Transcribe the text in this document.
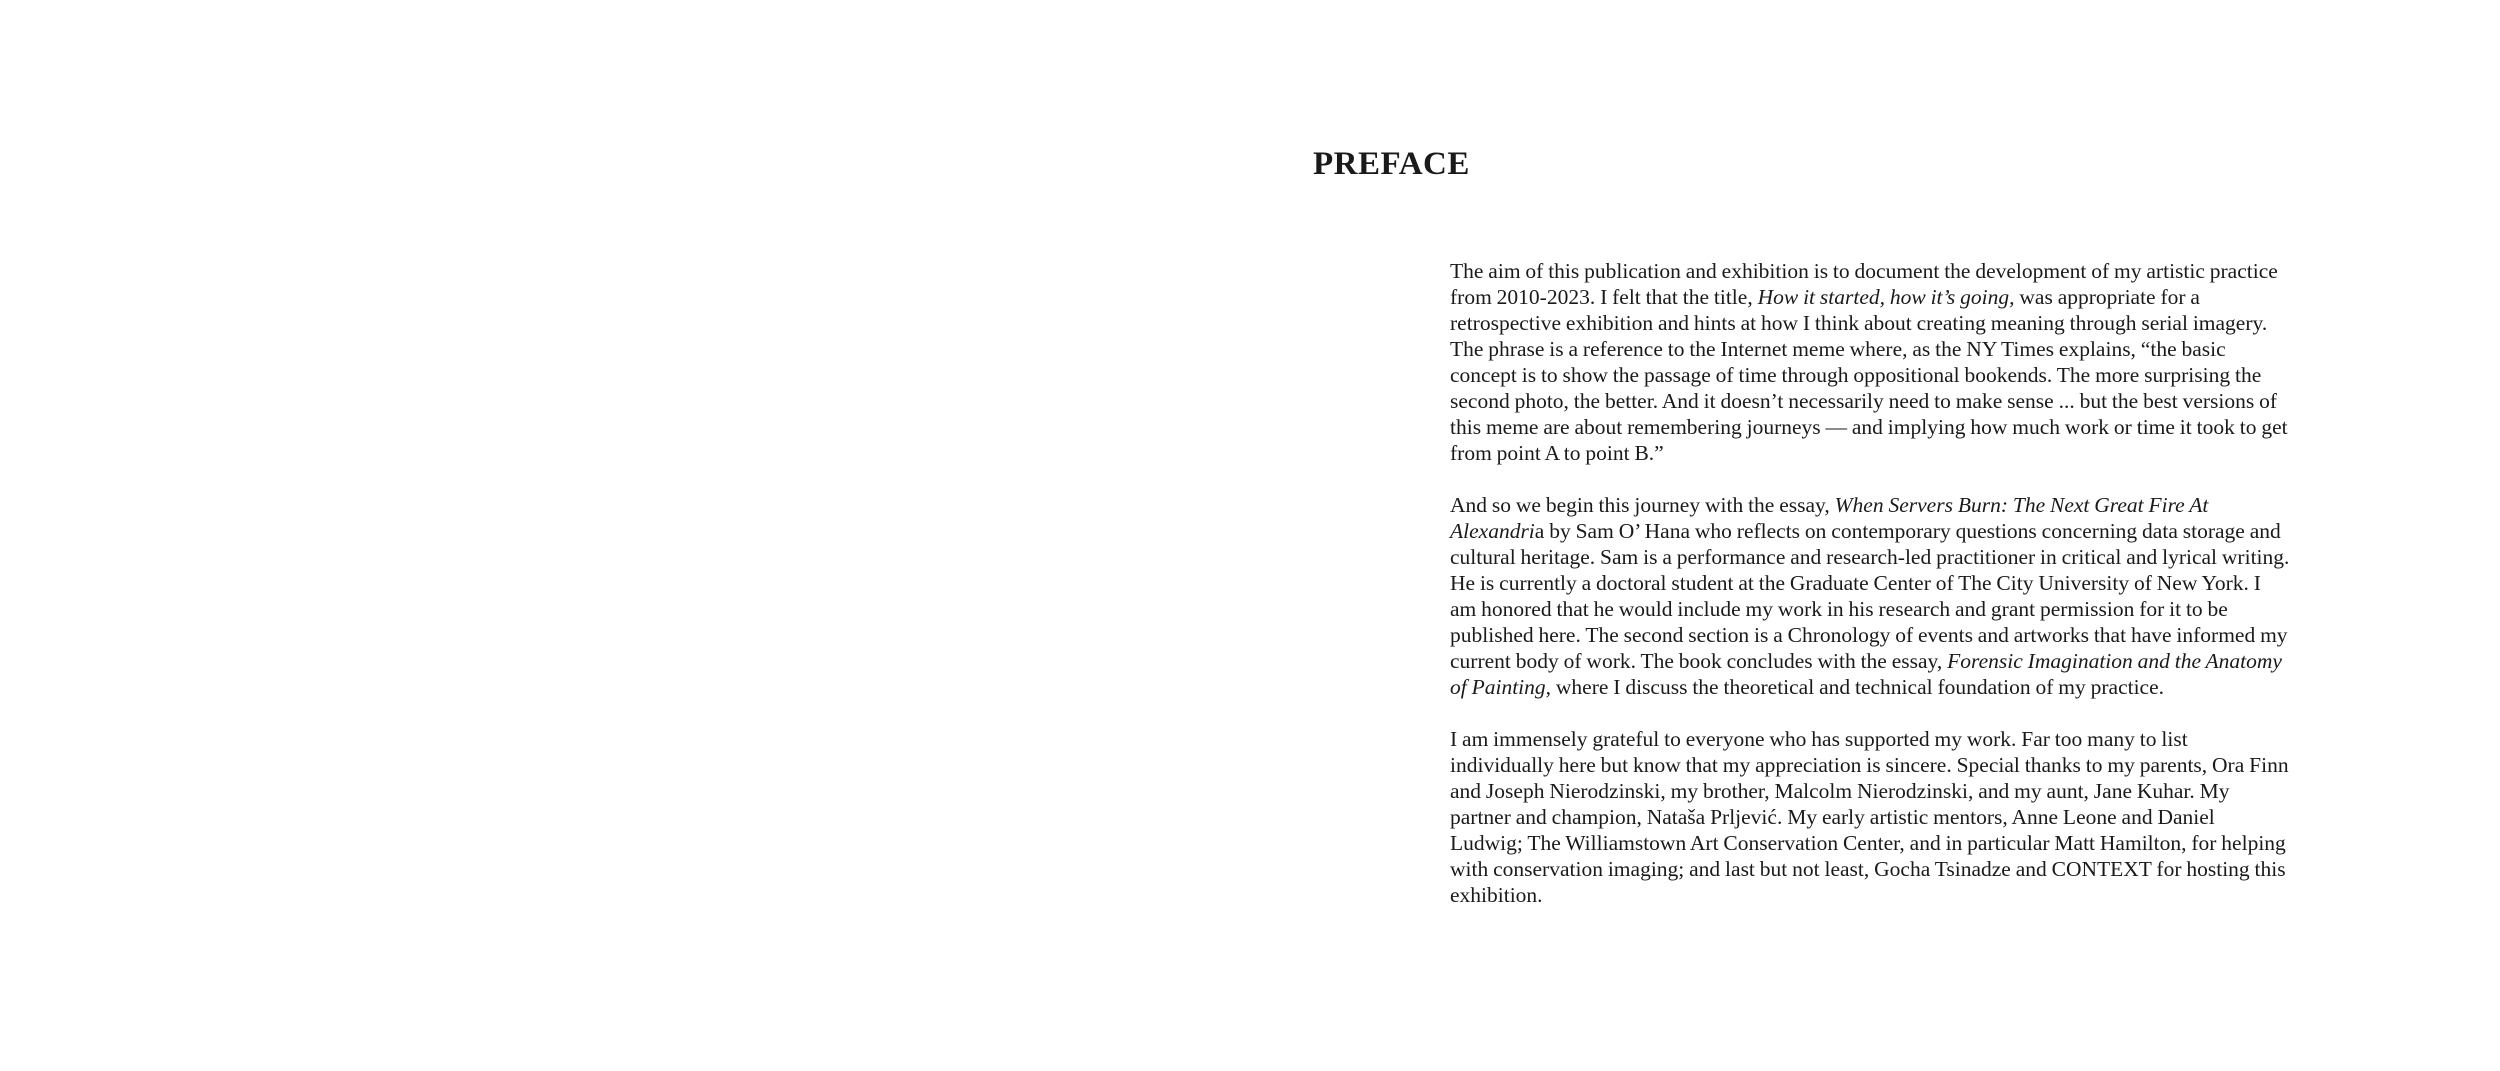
PREFACE

The aim of this publication and exhibition is to document the development of my artistic practice from 2010-2023. I felt that the title, How it started, how it’s going, was appropriate for a retrospective exhibition and hints at how I think about creating meaning through serial imagery. The phrase is a reference to the Internet meme where, as the NY Times explains, “the basic concept is to show the passage of time through oppositional bookends. The more surprising the second photo, the better. And it doesn’t necessarily need to make sense ... but the best versions of this meme are about remembering journeys — and implying how much work or time it took to get from point A to point B.”

And so we begin this journey with the essay, When Servers Burn: The Next Great Fire At Alexandria by Sam O’ Hana who reflects on contemporary questions concerning data storage and cultural heritage. Sam is a performance and research-led practitioner in critical and lyrical writing. He is currently a doctoral student at the Graduate Center of The City University of New York. I am honored that he would include my work in his research and grant permission for it to be published here. The second section is a Chronology of events and artworks that have informed my current body of work. The book concludes with the essay, Forensic Imagination and the Anatomy of Painting, where I discuss the theoretical and technical foundation of my practice.

I am immensely grateful to everyone who has supported my work. Far too many to list individually here but know that my appreciation is sincere. Special thanks to my parents, Ora Finn and Joseph Nierodzinski, my brother, Malcolm Nierodzinski, and my aunt, Jane Kuhar. My partner and champion, Nataša Prljević. My early artistic mentors, Anne Leone and Daniel Ludwig; The Williamstown Art Conservation Center, and in particular Matt Hamilton, for helping with conservation imaging; and last but not least, Gocha Tsinadze and CONTEXT for hosting this exhibition.
